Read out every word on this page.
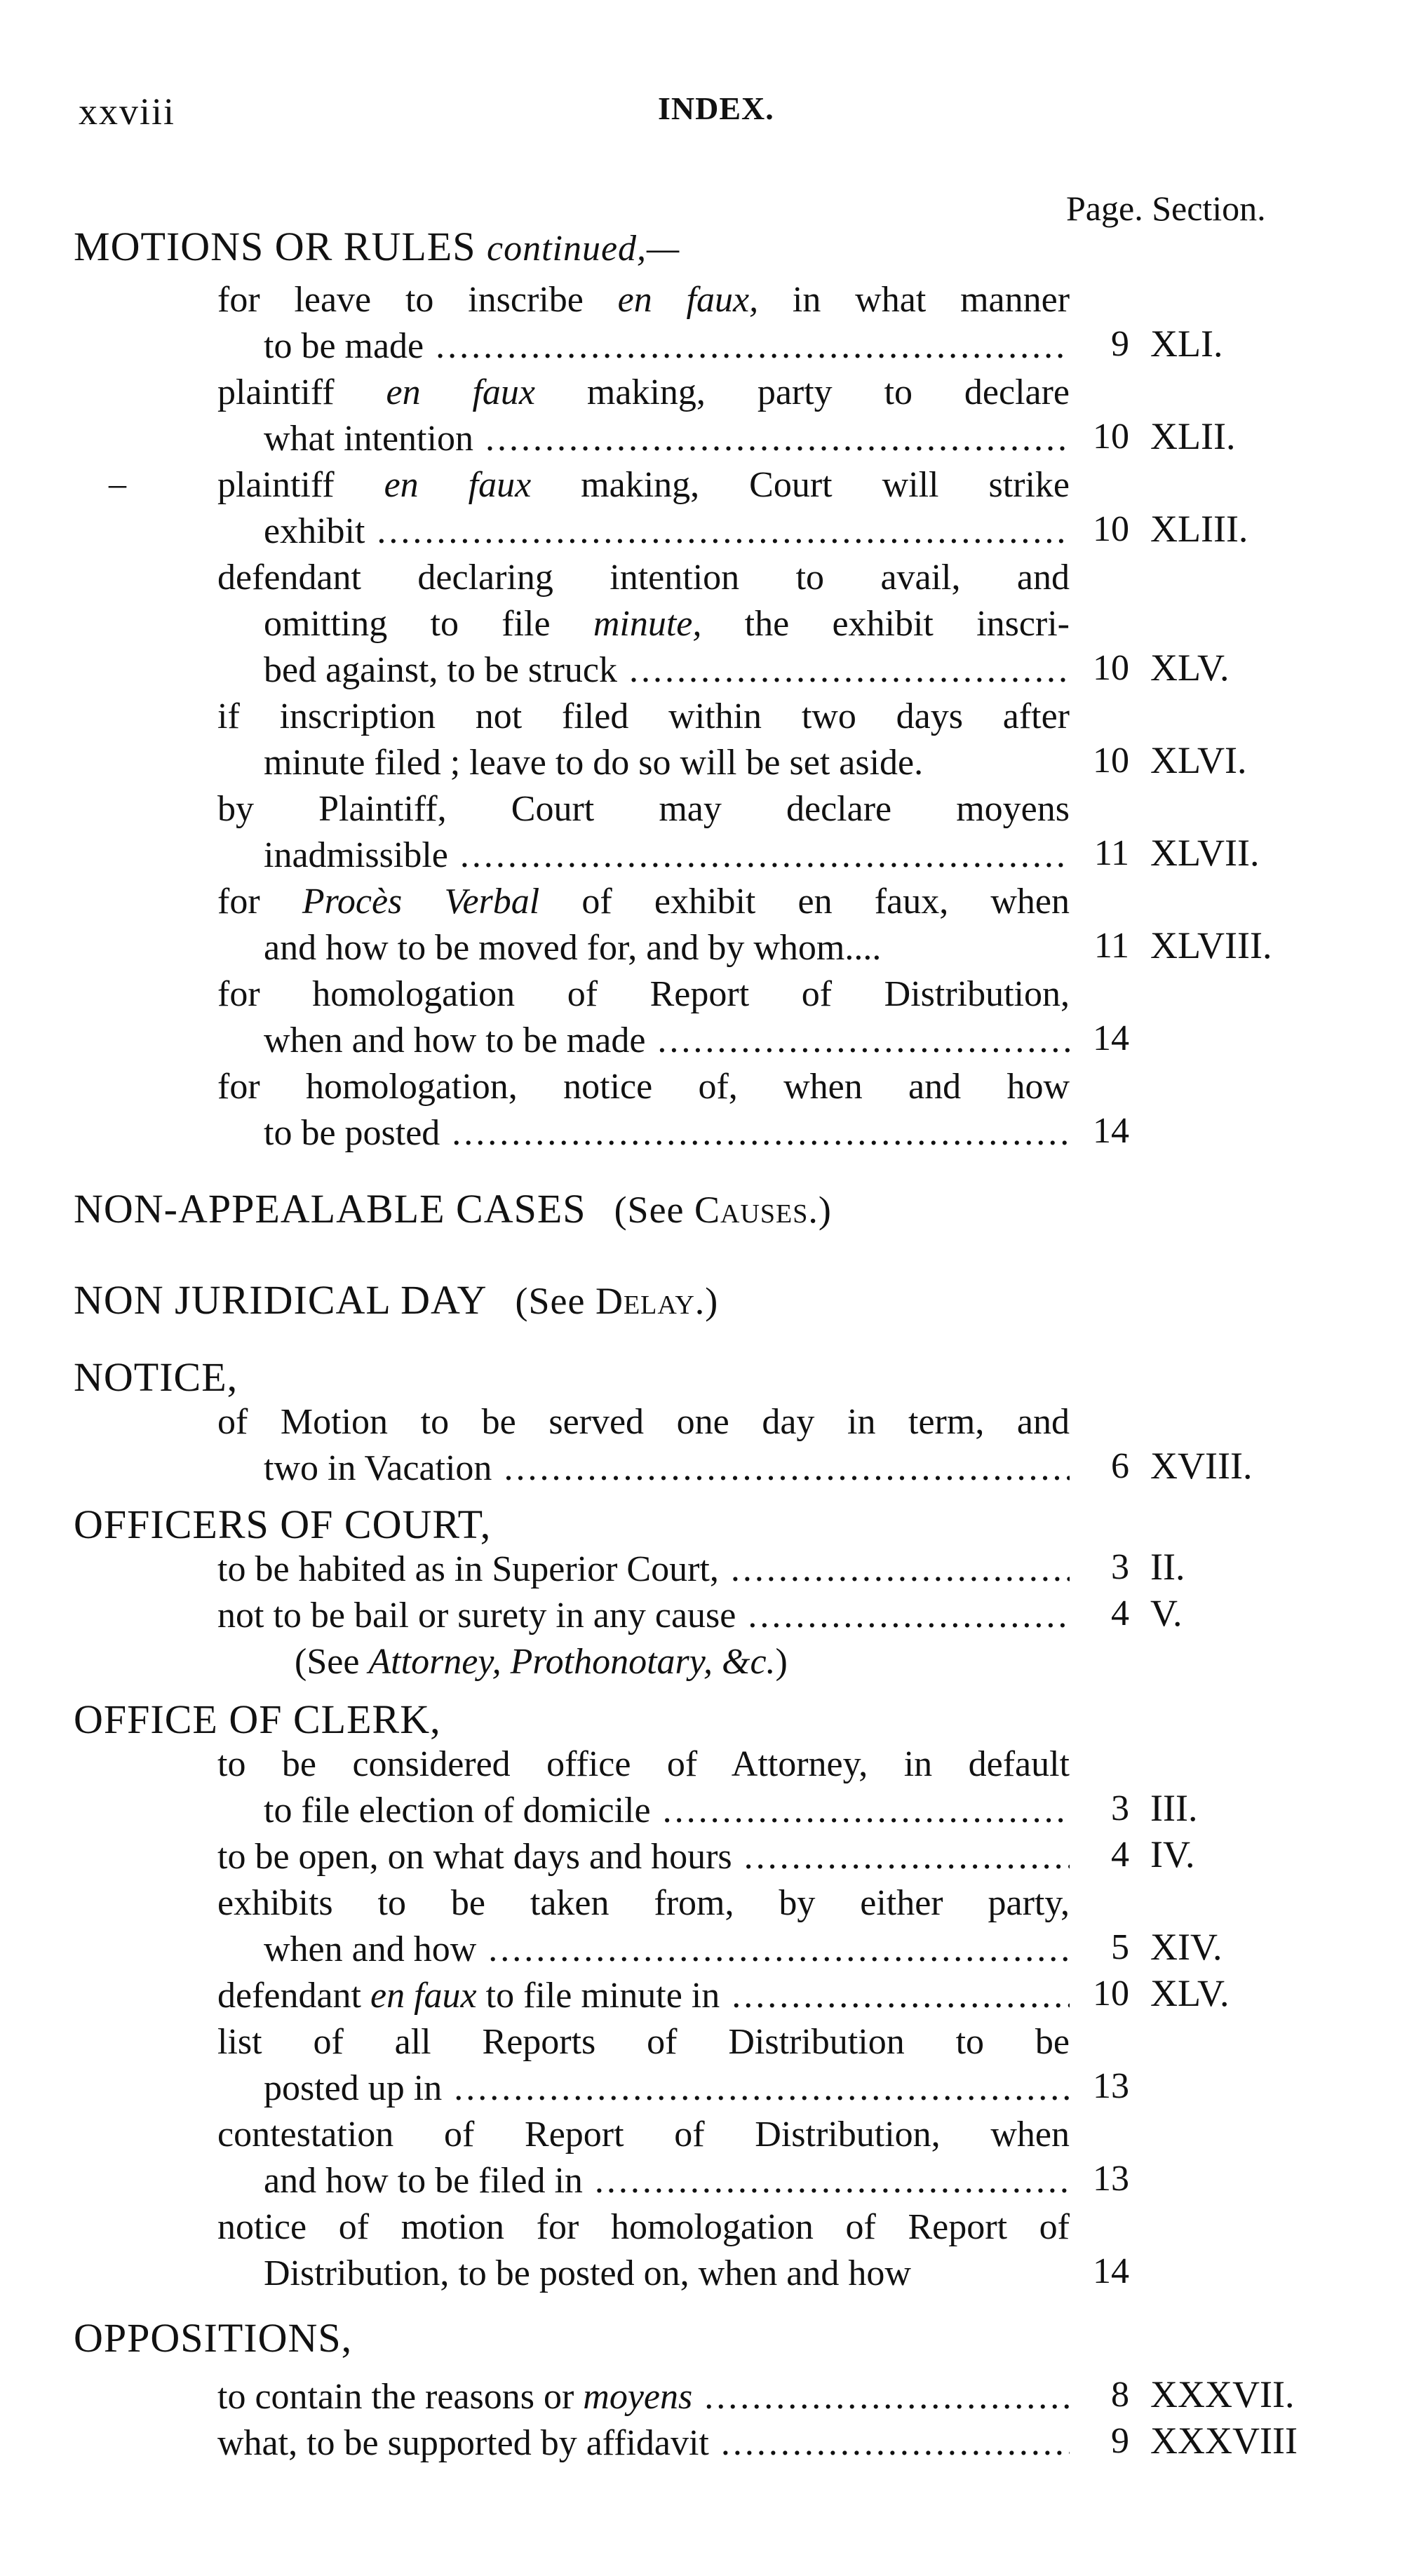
xxviii	INDEX.
Page. Section.
MOTIONS OR RULES continued,—
for leave to inscribe en faux, in what manner
to be made .....	9 XLI.
plaintiff en faux making, party to declare
what intention .....	10 XLII.
–	plaintiff en faux making, Court will strike
exhibit .....	10 XLIII.
defendant declaring intention to avail, and
omitting to file minute, the exhibit inscri-
bed against, to be struck .....	10 XLV.
if inscription not filed within two days after
minute filed ; leave to do so will be set aside.	10 XLVI.
by Plaintiff, Court may declare moyens
inadmissible .....	11 XLVII.
for Procès Verbal of exhibit en faux, when
and how to be moved for, and by whom....	11 XLVIII.
for homologation of Report of Distribution,
when and how to be made .....	14
for homologation, notice of, when and how
to be posted .....	14
NON-APPEALABLE CASES (See Causes.)
NON JURIDICAL DAY (See Delay.)
NOTICE,
of Motion to be served one day in term, and
two in Vacation .....	6 XVIII.
OFFICERS OF COURT,
to be habited as in Superior Court, .....	3 II.
not to be bail or surety in any cause .....	4 V.
(See Attorney, Prothonotary, &c.)
OFFICE OF CLERK,
to be considered office of Attorney, in default
to file election of domicile .....	3 III.
to be open, on what days and hours .....	4 IV.
exhibits to be taken from, by either party,
when and how .....	5 XIV.
defendant en faux to file minute in .....	10 XLV.
list of all Reports of Distribution to be
posted up in .....	13
contestation of Report of Distribution, when
and how to be filed in .....	13
notice of motion for homologation of Report of
Distribution, to be posted on, when and how	14
OPPOSITIONS,
to contain the reasons or moyens .....	8 XXXVII.
what, to be supported by affidavit .....	9 XXXVIII
